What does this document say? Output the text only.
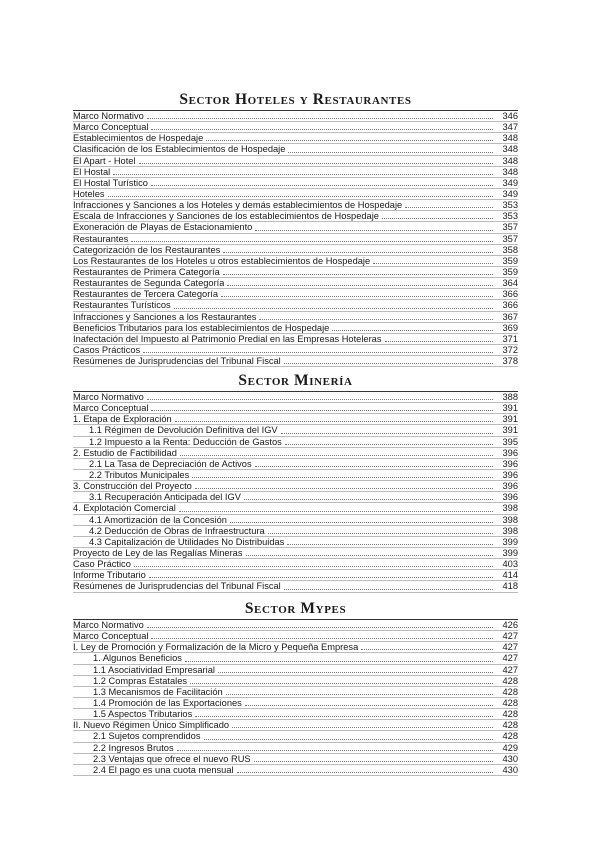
Sector Hoteles y Restaurantes
Marco Normativo	346
Marco Conceptual	347
Establecimientos de Hospedaje	348
Clasificación de los Establecimientos de Hospedaje	348
El Apart - Hotel	348
El Hostal	348
El Hostal Turístico	349
Hoteles	349
Infracciones y Sanciones a los Hoteles y demás establecimientos de Hospedaje	353
Escala de Infracciones y Sanciones de los establecimientos de Hospedaje	353
Exoneración de Playas de Estacionamiento	357
Restaurantes	357
Categorización de los Restaurantes	358
Los Restaurantes de los Hoteles u otros establecimientos de Hospedaje	359
Restaurantes de Primera Categoría	359
Restaurantes de Segunda Categoría	364
Restaurantes de Tercera Categoría	366
Restaurantes Turísticos	366
Infracciones y Sanciones a los Restaurantes	367
Beneficios Tributarios para los establecimientos de Hospedaje	369
Inafectación del Impuesto al Patrimonio Predial en las Empresas Hoteleras	371
Casos Prácticos	372
Resúmenes de Jurisprudencias del Tribunal Fiscal	378
Sector Minería
Marco Normativo	388
Marco Conceptual	391
1. Etapa de Exploración	391
1.1 Régimen de Devolución Definitiva del IGV	391
1.2 Impuesto a la Renta: Deducción de Gastos	395
2. Estudio de Factibilidad	396
2.1 La Tasa de Depreciación de Activos	396
2.2 Tributos Municipales	396
3. Construcción del Proyecto	396
3.1 Recuperación Anticipada del IGV	396
4. Explotación Comercial	398
4.1 Amortización de la Concesión	398
4.2 Deducción de Obras de Infraestructura	398
4.3 Capitalización de Utilidades No Distribuidas	399
Proyecto de Ley de las Regalías Mineras	399
Caso Práctico	403
Informe Tributario	414
Resúmenes de Jurisprudencias del Tribunal Fiscal	418
Sector Mypes
Marco Normativo	426
Marco Conceptual	427
I. Ley de Promoción y Formalización de la Micro y Pequeña Empresa	427
1. Algunos Beneficios	427
1.1 Asociatividad Empresarial	427
1.2 Compras Estatales	428
1.3 Mecanismos de Facilitación	428
1.4 Promoción de las Exportaciones	428
1.5 Aspectos Tributarios	428
II. Nuevo Régimen Único Simplificado	428
2.1 Sujetos comprendidos	428
2.2 Ingresos Brutos	429
2.3 Ventajas que ofrece el nuevo RUS	430
2.4 El pago es una cuota mensual	430
